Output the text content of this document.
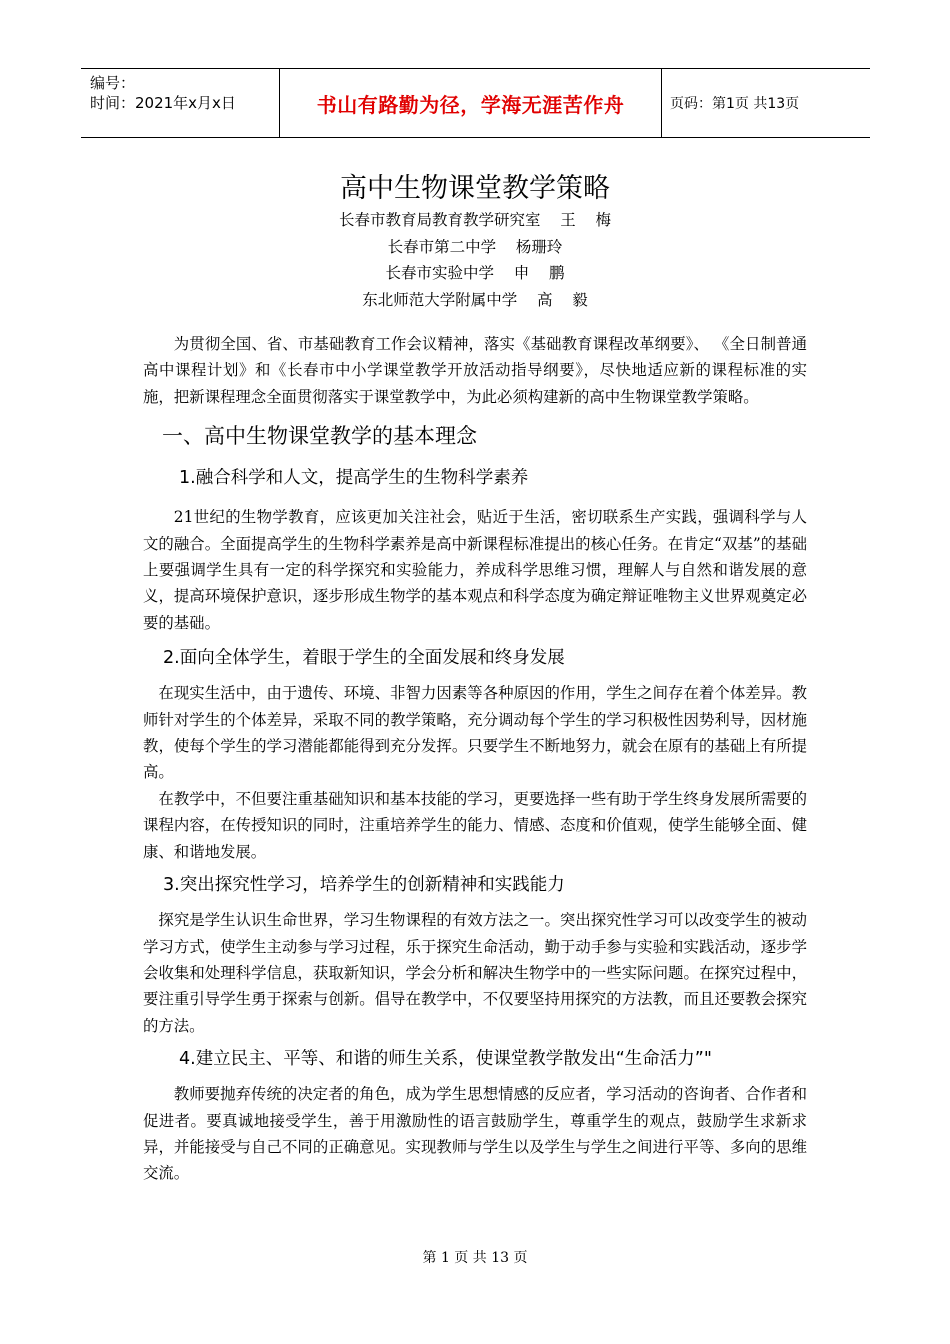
编号：
时间：2021年x月x日	书山有路勤为径，学海无涯苦作舟	页码：第1页 共13页
高中生物课堂教学策略
长春市教育局教育教学研究室    王    梅
长春市第二中学    杨珊玲
长春市实验中学    申    鹏
东北师范大学附属中学    高    毅

为贯彻全国、省、市基础教育工作会议精神，落实《基础教育课程改革纲要》、 《全日制普通高中课程计划》和《长春市中小学课堂教学开放活动指导纲要》，尽快地适应新的课程标准的实施，把新课程理念全面贯彻落实于课堂教学中，为此必须构建新的高中生物课堂教学策略。

一、高中生物课堂教学的基本理念
1.融合科学和人文，提高学生的生物科学素养

21世纪的生物学教育，应该更加关注社会，贴近于生活，密切联系生产实践，强调科学与人文的融合。全面提高学生的生物科学素养是高中新课程标准提出的核心任务。在肯定“双基”的基础上要强调学生具有一定的科学探究和实验能力，养成科学思维习惯，理解人与自然和谐发展的意义，提高环境保护意识，逐步形成生物学的基本观点和科学态度为确定辩证唯物主义世界观奠定必要的基础。

2.面向全体学生，着眼于学生的全面发展和终身发展

在现实生活中，由于遗传、环境、非智力因素等各种原因的作用，学生之间存在着个体差异。教师针对学生的个体差异，采取不同的教学策略，充分调动每个学生的学习积极性因势利导，因材施教，使每个学生的学习潜能都能得到充分发挥。只要学生不断地努力，就会在原有的基础上有所提高。

在教学中，不但要注重基础知识和基本技能的学习，更要选择一些有助于学生终身发展所需要的课程内容，在传授知识的同时，注重培养学生的能力、情感、态度和价值观，使学生能够全面、健康、和谐地发展。

3.突出探究性学习，培养学生的创新精神和实践能力

探究是学生认识生命世界，学习生物课程的有效方法之一。突出探究性学习可以改变学生的被动学习方式，使学生主动参与学习过程，乐于探究生命活动，勤于动手参与实验和实践活动，逐步学会收集和处理科学信息，获取新知识，学会分析和解决生物学中的一些实际问题。在探究过程中，要注重引导学生勇于探索与创新。倡导在教学中，不仅要坚持用探究的方法教，而且还要教会探究的方法。

4.建立民主、平等、和谐的师生关系，使课堂教学散发出“生命活力”"

教师要抛弃传统的决定者的角色，成为学生思想情感的反应者，学习活动的咨询者、合作者和促进者。要真诚地接受学生，善于用激励性的语言鼓励学生，尊重学生的观点，鼓励学生求新求异，并能接受与自己不同的正确意见。实现教师与学生以及学生与学生之间进行平等、多向的思维交流。

第 1 页 共 13 页
